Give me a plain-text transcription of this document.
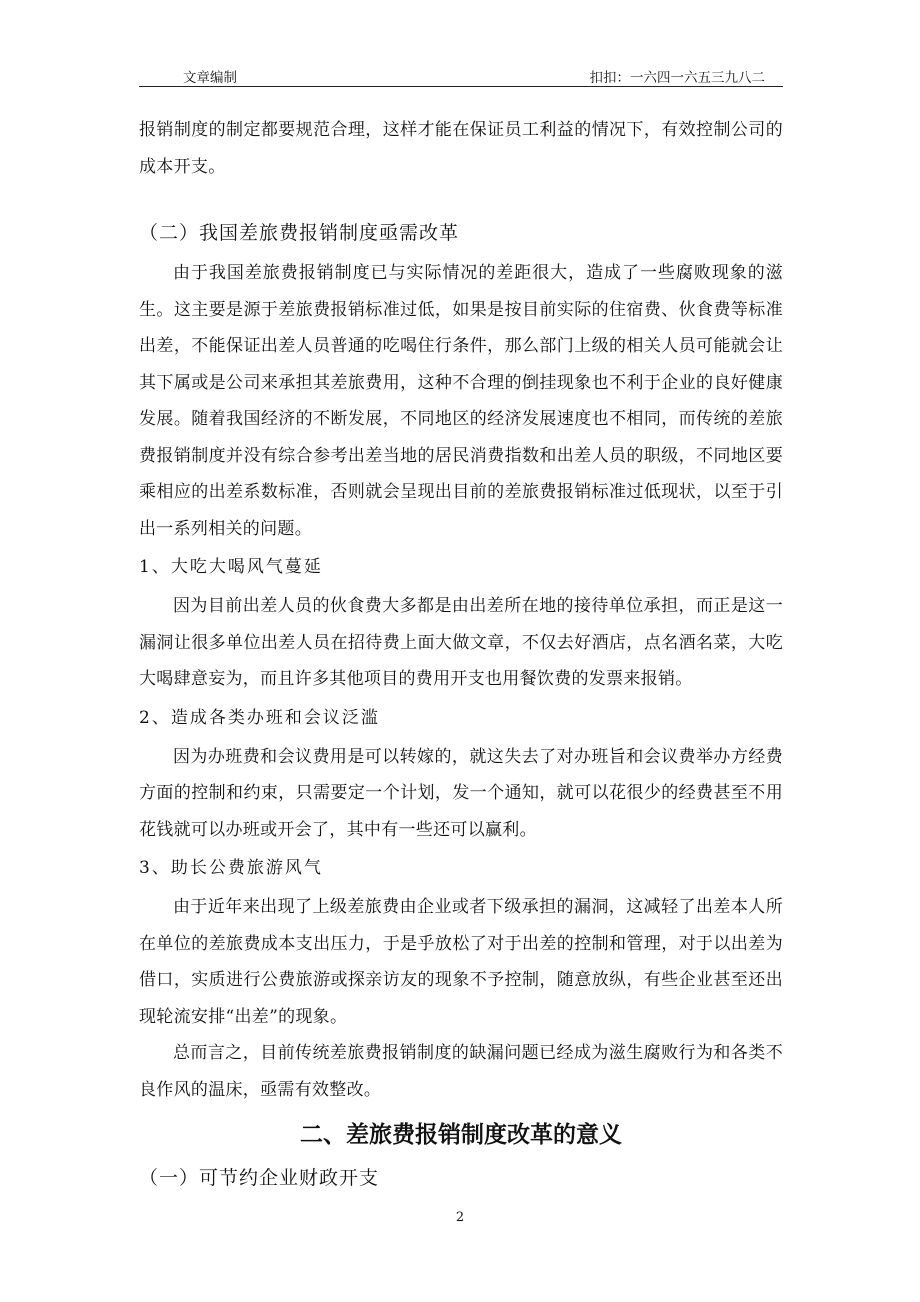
文章编制	扣扣：一六四一六五三九八二

报销制度的制定都要规范合理，这样才能在保证员工利益的情况下，有效控制公司的成本开支。

（二）我国差旅费报销制度亟需改革

由于我国差旅费报销制度已与实际情况的差距很大，造成了一些腐败现象的滋生。这主要是源于差旅费报销标准过低，如果是按目前实际的住宿费、伙食费等标准出差，不能保证出差人员普通的吃喝住行条件，那么部门上级的相关人员可能就会让其下属或是公司来承担其差旅费用，这种不合理的倒挂现象也不利于企业的良好健康发展。随着我国经济的不断发展，不同地区的经济发展速度也不相同，而传统的差旅费报销制度并没有综合参考出差当地的居民消费指数和出差人员的职级，不同地区要乘相应的出差系数标准，否则就会呈现出目前的差旅费报销标准过低现状，以至于引出一系列相关的问题。

1、大吃大喝风气蔓延

因为目前出差人员的伙食费大多都是由出差所在地的接待单位承担，而正是这一漏洞让很多单位出差人员在招待费上面大做文章，不仅去好酒店，点名酒名菜，大吃大喝肆意妄为，而且许多其他项目的费用开支也用餐饮费的发票来报销。

2、造成各类办班和会议泛滥

因为办班费和会议费用是可以转嫁的，就这失去了对办班旨和会议费举办方经费方面的控制和约束，只需要定一个计划，发一个通知，就可以花很少的经费甚至不用花钱就可以办班或开会了，其中有一些还可以赢利。

3、助长公费旅游风气

由于近年来出现了上级差旅费由企业或者下级承担的漏洞，这减轻了出差本人所在单位的差旅费成本支出压力，于是乎放松了对于出差的控制和管理，对于以出差为借口，实质进行公费旅游或探亲访友的现象不予控制，随意放纵，有些企业甚至还出现轮流安排“出差”的现象。

总而言之，目前传统差旅费报销制度的缺漏问题已经成为滋生腐败行为和各类不良作风的温床，亟需有效整改。

二、差旅费报销制度改革的意义
（一）可节约企业财政开支
2
